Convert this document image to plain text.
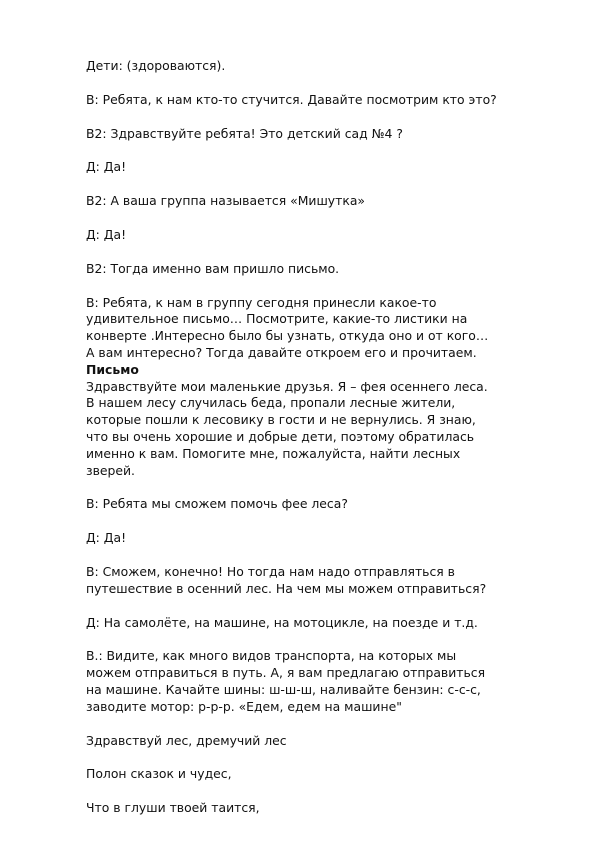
Дети: (здороваются).
В: Ребята, к нам кто-то стучится. Давайте посмотрим кто это?
В2: Здравствуйте ребята! Это детский сад №4 ?
Д: Да!
В2: А ваша группа называется «Мишутка»
Д: Да!
В2: Тогда именно вам пришло письмо.
В: Ребята, к нам в группу сегодня принесли какое-то
удивительное письмо… Посмотрите, какие-то листики на
конверте .Интересно было бы узнать, откуда оно и от кого…
А вам интересно? Тогда давайте откроем его и прочитаем.
Письмо
Здравствуйте мои маленькие друзья. Я – фея осеннего леса.
В нашем лесу случилась беда, пропали лесные жители,
которые пошли к лесовику в гости и не вернулись. Я знаю,
что вы очень хорошие и добрые дети, поэтому обратилась
именно к вам. Помогите мне, пожалуйста, найти лесных
зверей.
В: Ребята мы сможем помочь фее леса?
Д: Да!
В: Сможем, конечно! Но тогда нам надо отправляться в
путешествие в осенний лес. На чем мы можем отправиться?
Д: На самолёте, на машине, на мотоцикле, на поезде и т.д.
В.: Видите, как много видов транспорта, на которых мы
можем отправиться в путь. А, я вам предлагаю отправиться
на машине. Качайте шины: ш-ш-ш, наливайте бензин: с-с-с,
заводите мотор: р-р-р. «Едем, едем на машине"
Здравствуй лес, дремучий лес
Полон сказок и чудес,
Что в глуши твоей таится,
